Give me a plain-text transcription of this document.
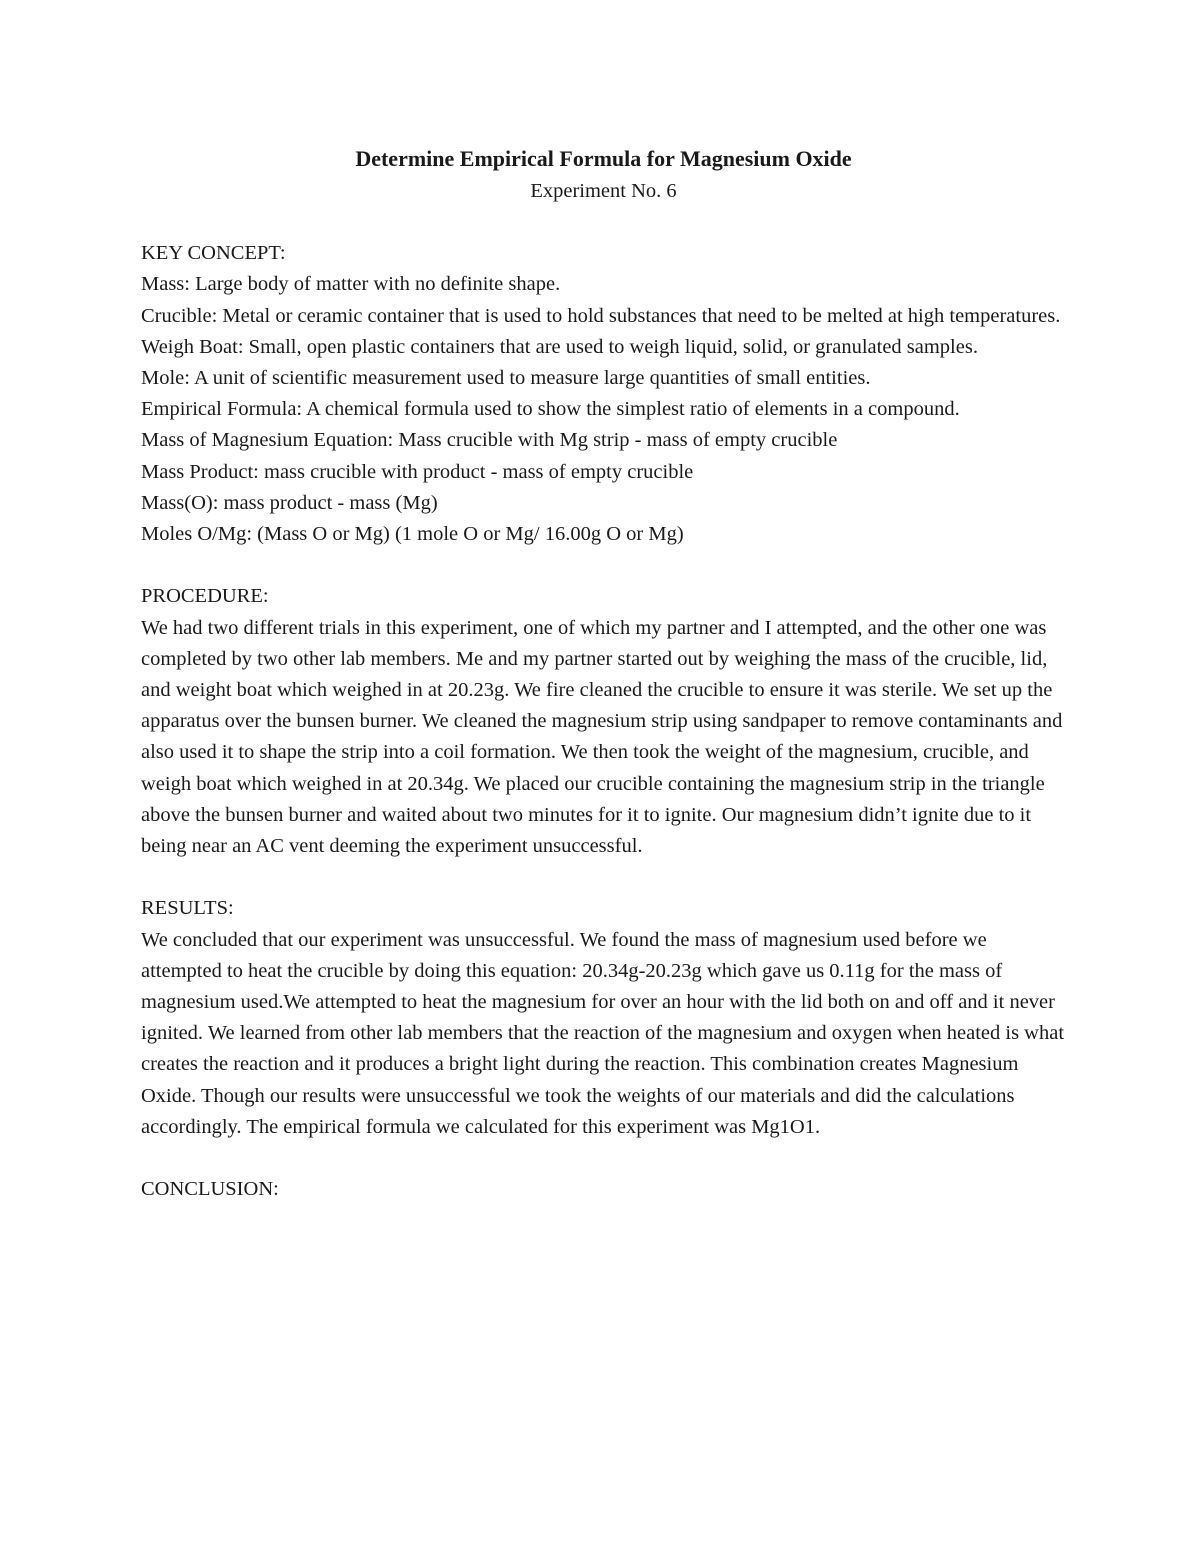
Determine Empirical Formula for Magnesium Oxide

Experiment No. 6

KEY CONCEPT:

Mass: Large body of matter with no definite shape.

Crucible: Metal or ceramic container that is used to hold substances that need to be melted at high temperatures.

Weigh Boat: Small, open plastic containers that are used to weigh liquid, solid, or granulated samples.

Mole: A unit of scientific measurement used to measure large quantities of small entities.

Empirical Formula: A chemical formula used to show the simplest ratio of elements in a compound.

Mass of Magnesium Equation: Mass crucible with Mg strip - mass of empty crucible

Mass Product: mass crucible with product - mass of empty crucible

Mass(O): mass product - mass (Mg)

Moles O/Mg: (Mass O or Mg) (1 mole O or Mg/ 16.00g O or Mg)

PROCEDURE:

We had two different trials in this experiment, one of which my partner and I attempted, and the other one was completed by two other lab members. Me and my partner started out by weighing the mass of the crucible, lid, and weight boat which weighed in at 20.23g. We fire cleaned the crucible to ensure it was sterile. We set up the apparatus over the bunsen burner. We cleaned the magnesium strip using sandpaper to remove contaminants and also used it to shape the strip into a coil formation. We then took the weight of the magnesium, crucible, and weigh boat which weighed in at 20.34g. We placed our crucible containing the magnesium strip in the triangle above the bunsen burner and waited about two minutes for it to ignite. Our magnesium didn’t ignite due to it being near an AC vent deeming the experiment unsuccessful.

RESULTS:

We concluded that our experiment was unsuccessful. We found the mass of magnesium used before we attempted to heat the crucible by doing this equation: 20.34g-20.23g which gave us 0.11g for the mass of magnesium used.We attempted to heat the magnesium for over an hour with the lid both on and off and it never ignited. We learned from other lab members that the reaction of the magnesium and oxygen when heated is what creates the reaction and it produces a bright light during the reaction. This combination creates Magnesium Oxide. Though our results were unsuccessful we took the weights of our materials and did the calculations accordingly. The empirical formula we calculated for this experiment was Mg1O1.

CONCLUSION:
